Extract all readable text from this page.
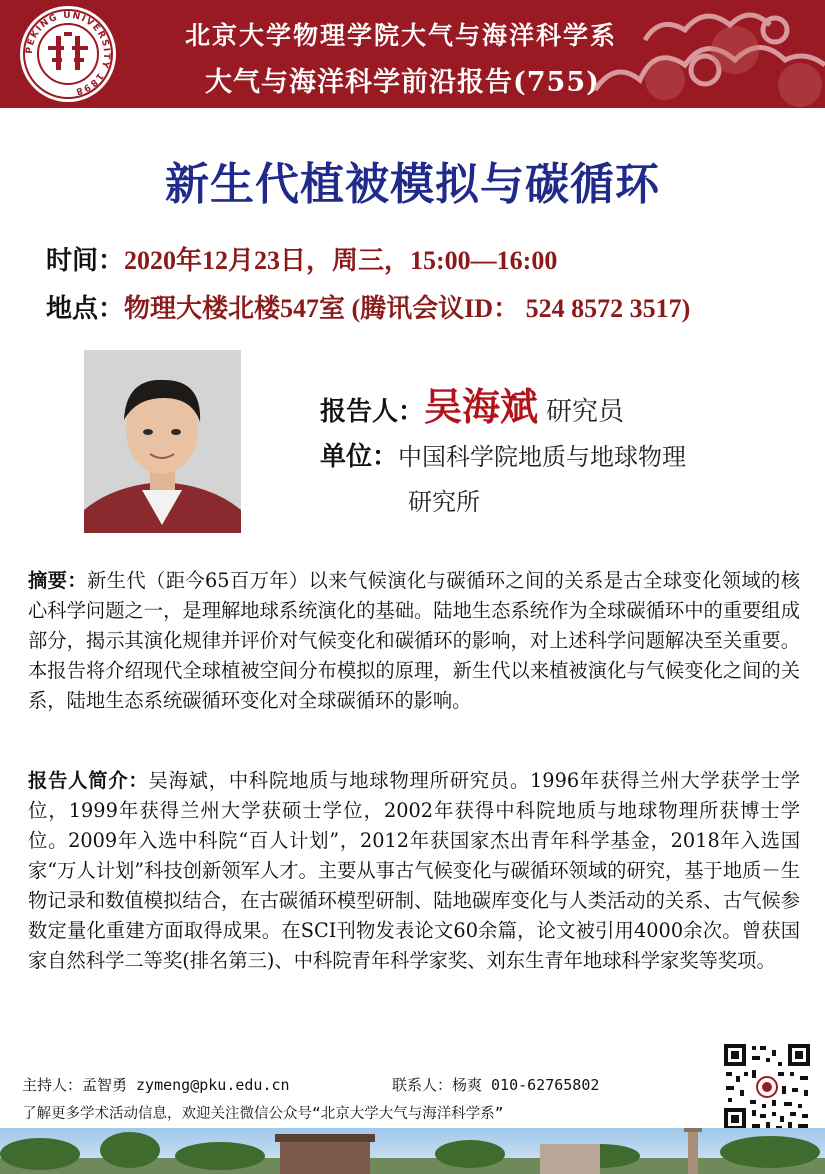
PEKING UNIVERSITY 1898
北京大学物理学院大气与海洋科学系
大气与海洋科学前沿报告(755)
新生代植被模拟与碳循环
时间：2020年12月23日，周三，15:00—16:00
地点：物理大楼北楼547室 (腾讯会议ID： 524 8572 3517)
报告人：吴海斌 研究员
单位：中国科学院地质与地球物理
研究所
摘要：新生代（距今65百万年）以来气候演化与碳循环之间的关系是古全球变化领域的核心科学问题之一，是理解地球系统演化的基础。陆地生态系统作为全球碳循环中的重要组成部分，揭示其演化规律并评价对气候变化和碳循环的影响，对上述科学问题解决至关重要。本报告将介绍现代全球植被空间分布模拟的原理，新生代以来植被演化与气候变化之间的关系，陆地生态系统碳循环变化对全球碳循环的影响。
报告人简介：吴海斌，中科院地质与地球物理所研究员。1996年获得兰州大学获学士学位，1999年获得兰州大学获硕士学位，2002年获得中科院地质与地球物理所获博士学位。2009年入选中科院“百人计划”，2012年获国家杰出青年科学基金，2018年入选国家“万人计划”科技创新领军人才。主要从事古气候变化与碳循环领域的研究，基于地质－生物记录和数值模拟结合，在古碳循环模型研制、陆地碳库变化与人类活动的关系、古气候参数定量化重建方面取得成果。在SCI刊物发表论文60余篇，论文被引用4000余次。曾获国家自然科学二等奖(排名第三)、中科院青年科学家奖、刘东生青年地球科学家奖等奖项。
主持人：孟智勇 zymeng@pku.edu.cn	联系人：杨爽 010-62765802
了解更多学术活动信息，欢迎关注微信公众号“北京大学大气与海洋科学系”
